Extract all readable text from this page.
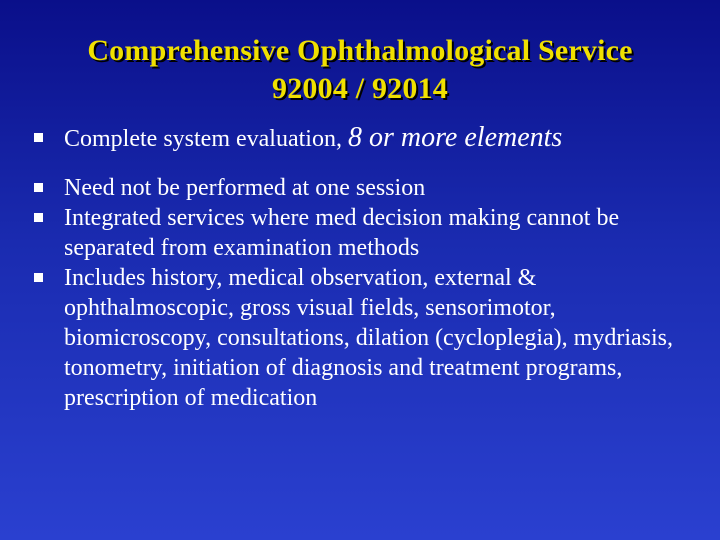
Comprehensive Ophthalmological Service
92004 / 92014
Complete system evaluation, 8 or more elements
Need not be performed at one session
Integrated services where med decision making cannot be separated from examination methods
Includes history, medical observation, external & ophthalmoscopic, gross visual fields, sensorimotor, biomicroscopy, consultations, dilation (cycloplegia), mydriasis, tonometry, initiation of diagnosis and treatment programs, prescription of medication
